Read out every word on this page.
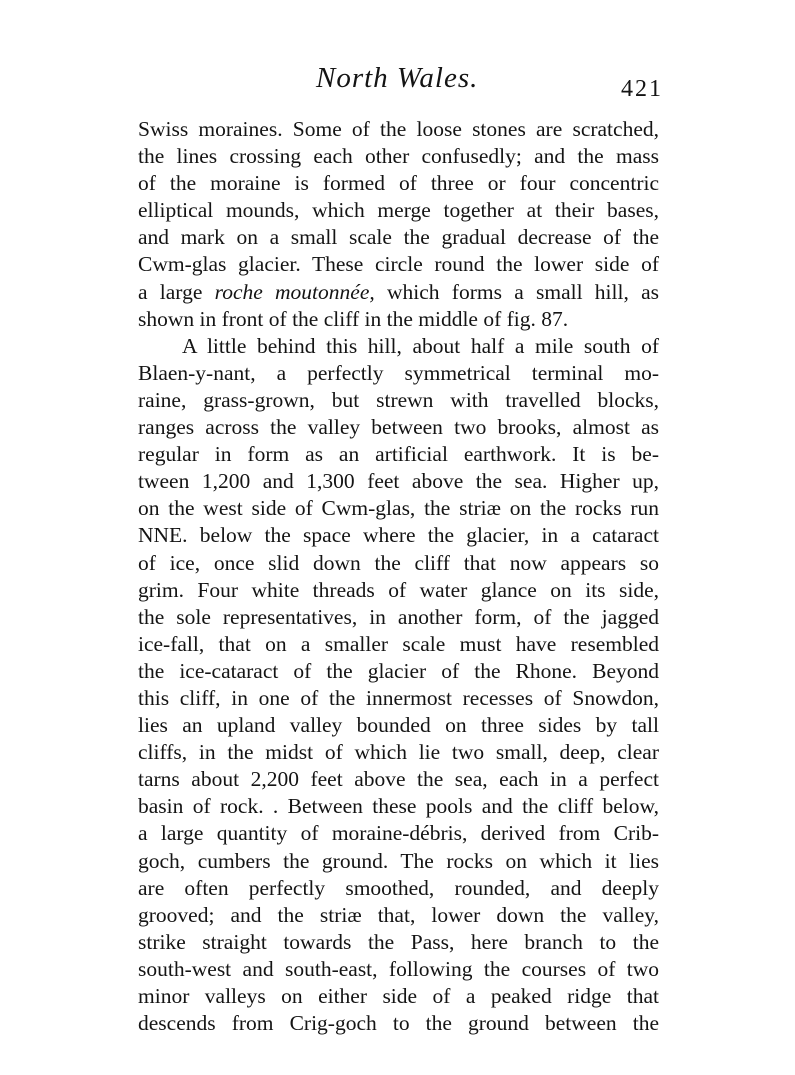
North Wales.	421
Swiss moraines. Some of the loose stones are scratched,
the lines crossing each other confusedly; and the mass
of the moraine is formed of three or four concentric
elliptical mounds, which merge together at their bases,
and mark on a small scale the gradual decrease of the
Cwm-glas glacier. These circle round the lower side of
a large roche moutonnée, which forms a small hill, as
shown in front of the cliff in the middle of fig. 87.
A little behind this hill, about half a mile south of
Blaen-y-nant, a perfectly symmetrical terminal mo-
raine, grass-grown, but strewn with travelled blocks,
ranges across the valley between two brooks, almost as
regular in form as an artificial earthwork. It is be-
tween 1,200 and 1,300 feet above the sea. Higher up,
on the west side of Cwm-glas, the striæ on the rocks run
NNE. below the space where the glacier, in a cataract
of ice, once slid down the cliff that now appears so
grim. Four white threads of water glance on its side,
the sole representatives, in another form, of the jagged
ice-fall, that on a smaller scale must have resembled
the ice-cataract of the glacier of the Rhone. Beyond
this cliff, in one of the innermost recesses of Snowdon,
lies an upland valley bounded on three sides by tall
cliffs, in the midst of which lie two small, deep, clear
tarns about 2,200 feet above the sea, each in a perfect
basin of rock. . Between these pools and the cliff below,
a large quantity of moraine-débris, derived from Crib-
goch, cumbers the ground. The rocks on which it lies
are often perfectly smoothed, rounded, and deeply
grooved; and the striæ that, lower down the valley,
strike straight towards the Pass, here branch to the
south-west and south-east, following the courses of two
minor valleys on either side of a peaked ridge that
descends from Crig-goch to the ground between the
